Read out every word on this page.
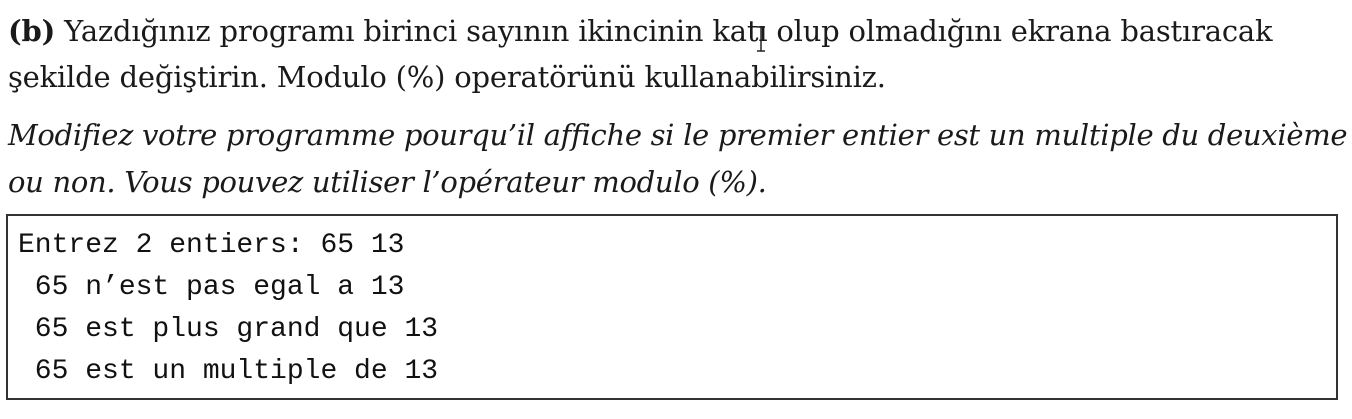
(b) Yazdığınız programı birinci sayının ikincinin katı olup olmadığını ekrana bastıracak
şekilde değiştirin. Modulo (%) operatörünü kullanabilirsiniz.
Modifiez votre programme pourqu’il affiche si le premier entier est un multiple du deuxième
ou non. Vous pouvez utiliser l’opérateur modulo (%).
Entrez 2 entiers: 65 13
65 n’est pas egal a 13
65 est plus grand que 13
65 est un multiple de 13
